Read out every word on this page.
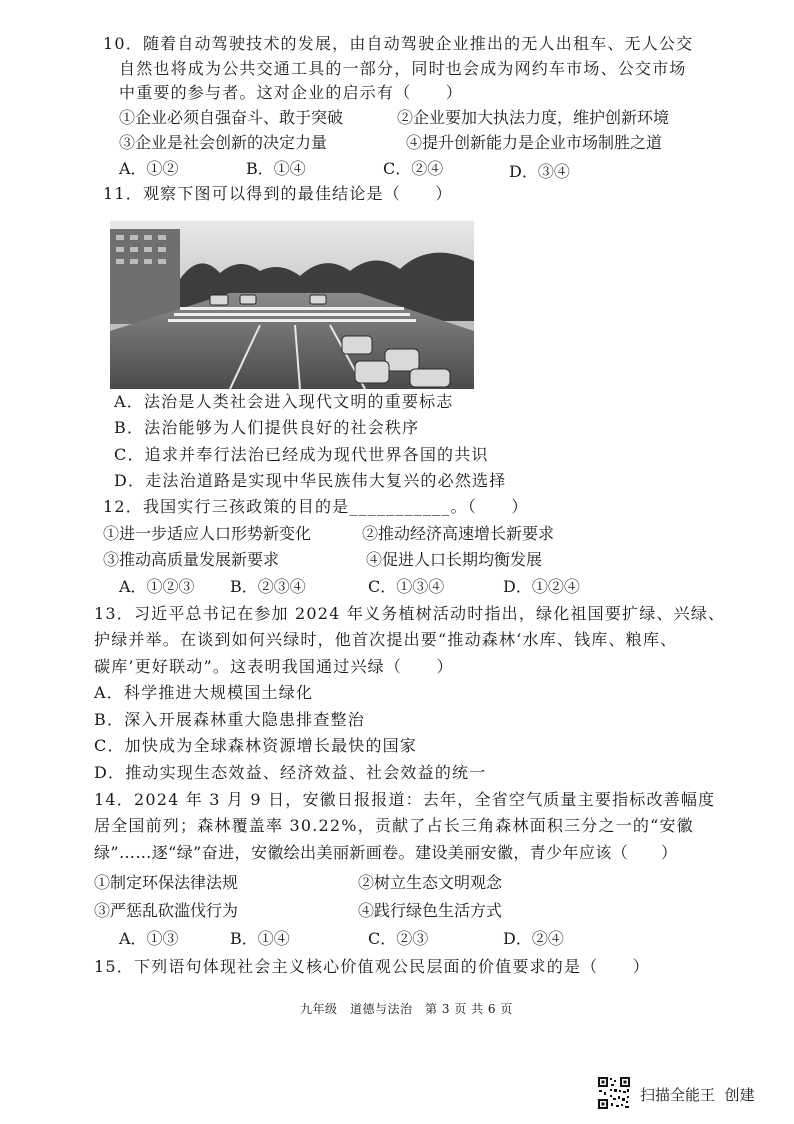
10．随着自动驾驶技术的发展，由自动驾驶企业推出的无人出租车、无人公交
自然也将成为公共交通工具的一部分，同时也会成为网约车市场、公交市场
中重要的参与者。这对企业的启示有（　　）
①企业必须自强奋斗、敢于突破	②企业要加大执法力度，维护创新环境
③企业是社会创新的决定力量	④提升创新能力是企业市场制胜之道
A．①②	B．①④	C．②④	D．③④
11．观察下图可以得到的最佳结论是（　　）
A．法治是人类社会进入现代文明的重要标志
B．法治能够为人们提供良好的社会秩序
C．追求并奉行法治已经成为现代世界各国的共识
D．走法治道路是实现中华民族伟大复兴的必然选择
12．我国实行三孩政策的目的是___________。（　　）
①进一步适应人口形势新变化	②推动经济高速增长新要求
③推动高质量发展新要求	④促进人口长期均衡发展
A．①②③ B．②③④	C．①③④	D．①②④
13．习近平总书记在参加 2024 年义务植树活动时指出，绿化祖国要扩绿、兴绿、
护绿并举。在谈到如何兴绿时，他首次提出要“推动森林‘水库、钱库、粮库、
碳库’更好联动”。这表明我国通过兴绿（　　）
A．科学推进大规模国土绿化
B．深入开展森林重大隐患排查整治
C．加快成为全球森林资源增长最快的国家
D．推动实现生态效益、经济效益、社会效益的统一
14．2024 年 3 月 9 日，安徽日报报道：去年，全省空气质量主要指标改善幅度
居全国前列；森林覆盖率 30.22%，贡献了占长三角森林面积三分之一的“安徽
绿”……逐“绿”奋进，安徽绘出美丽新画卷。建设美丽安徽，青少年应该（　　）
①制定环保法律法规	②树立生态文明观念
③严惩乱砍滥伐行为	④践行绿色生活方式
A．①③	B．①④	C．②③	D．②④
15．下列语句体现社会主义核心价值观公民层面的价值要求的是（　　）
九年级　道德与法治　第 3 页 共 6 页
扫描全能王  创建
